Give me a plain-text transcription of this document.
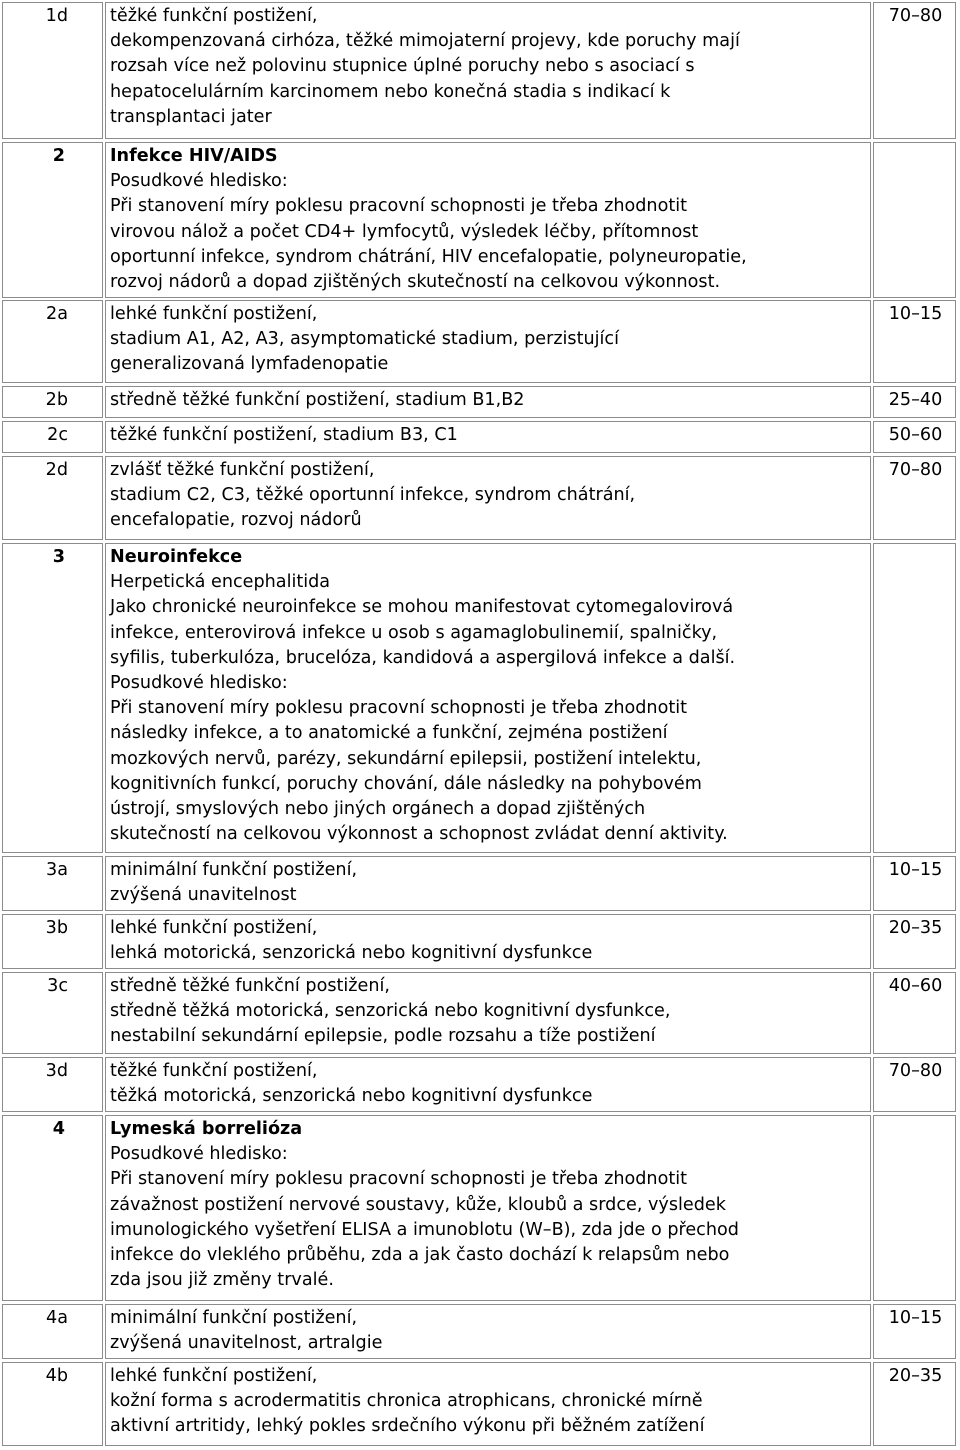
1d	těžké funkční postižení,
dekompenzovaná cirhóza, těžké mimojaterní projevy, kde poruchy mají
rozsah více než polovinu stupnice úplné poruchy nebo s asociací s
hepatocelulárním karcinomem nebo konečná stadia s indikací k
transplantaci jater
70–80
2	Infekce HIV/AIDS
Posudkové hledisko:
Při stanovení míry poklesu pracovní schopnosti je třeba zhodnotit
virovou nálož a počet CD4+ lymfocytů, výsledek léčby, přítomnost
oportunní infekce, syndrom chátrání, HIV encefalopatie, polyneuropatie,
rozvoj nádorů a dopad zjištěných skutečností na celkovou výkonnost.
2a	lehké funkční postižení,
stadium A1, A2, A3, asymptomatické stadium, perzistující
generalizovaná lymfadenopatie
10–15
2b	středně těžké funkční postižení, stadium B1,B2	25–40
2c	těžké funkční postižení, stadium B3, C1	50–60
2d	zvlášť těžké funkční postižení,
stadium C2, C3, těžké oportunní infekce, syndrom chátrání,
encefalopatie, rozvoj nádorů
70–80
3	Neuroinfekce
Herpetická encephalitida
Jako chronické neuroinfekce se mohou manifestovat cytomegalovirová
infekce, enterovirová infekce u osob s agamaglobulinemií, spalničky,
syfilis, tuberkulóza, brucelóza, kandidová a aspergilová infekce a další.
Posudkové hledisko:
Při stanovení míry poklesu pracovní schopnosti je třeba zhodnotit
následky infekce, a to anatomické a funkční, zejména postižení
mozkových nervů, parézy, sekundární epilepsii, postižení intelektu,
kognitivních funkcí, poruchy chování, dále následky na pohybovém
ústrojí, smyslových nebo jiných orgánech a dopad zjištěných
skutečností na celkovou výkonnost a schopnost zvládat denní aktivity.
3a	minimální funkční postižení,
zvýšená unavitelnost
10–15
3b	lehké funkční postižení,
lehká motorická, senzorická nebo kognitivní dysfunkce
20–35
3c	středně těžké funkční postižení,
středně těžká motorická, senzorická nebo kognitivní dysfunkce,
nestabilní sekundární epilepsie, podle rozsahu a tíže postižení
40–60
3d	těžké funkční postižení,
těžká motorická, senzorická nebo kognitivní dysfunkce
70–80
4	Lymeská borrelióza
Posudkové hledisko:
Při stanovení míry poklesu pracovní schopnosti je třeba zhodnotit
závažnost postižení nervové soustavy, kůže, kloubů a srdce, výsledek
imunologického vyšetření ELISA a imunoblotu (W–B), zda jde o přechod
infekce do vleklého průběhu, zda a jak často dochází k relapsům nebo
zda jsou již změny trvalé.
4a	minimální funkční postižení,
zvýšená unavitelnost, artralgie
10–15
4b	lehké funkční postižení,
kožní forma s acrodermatitis chronica atrophicans, chronické mírně
aktivní artritidy, lehký pokles srdečního výkonu při běžném zatížení
20–35
